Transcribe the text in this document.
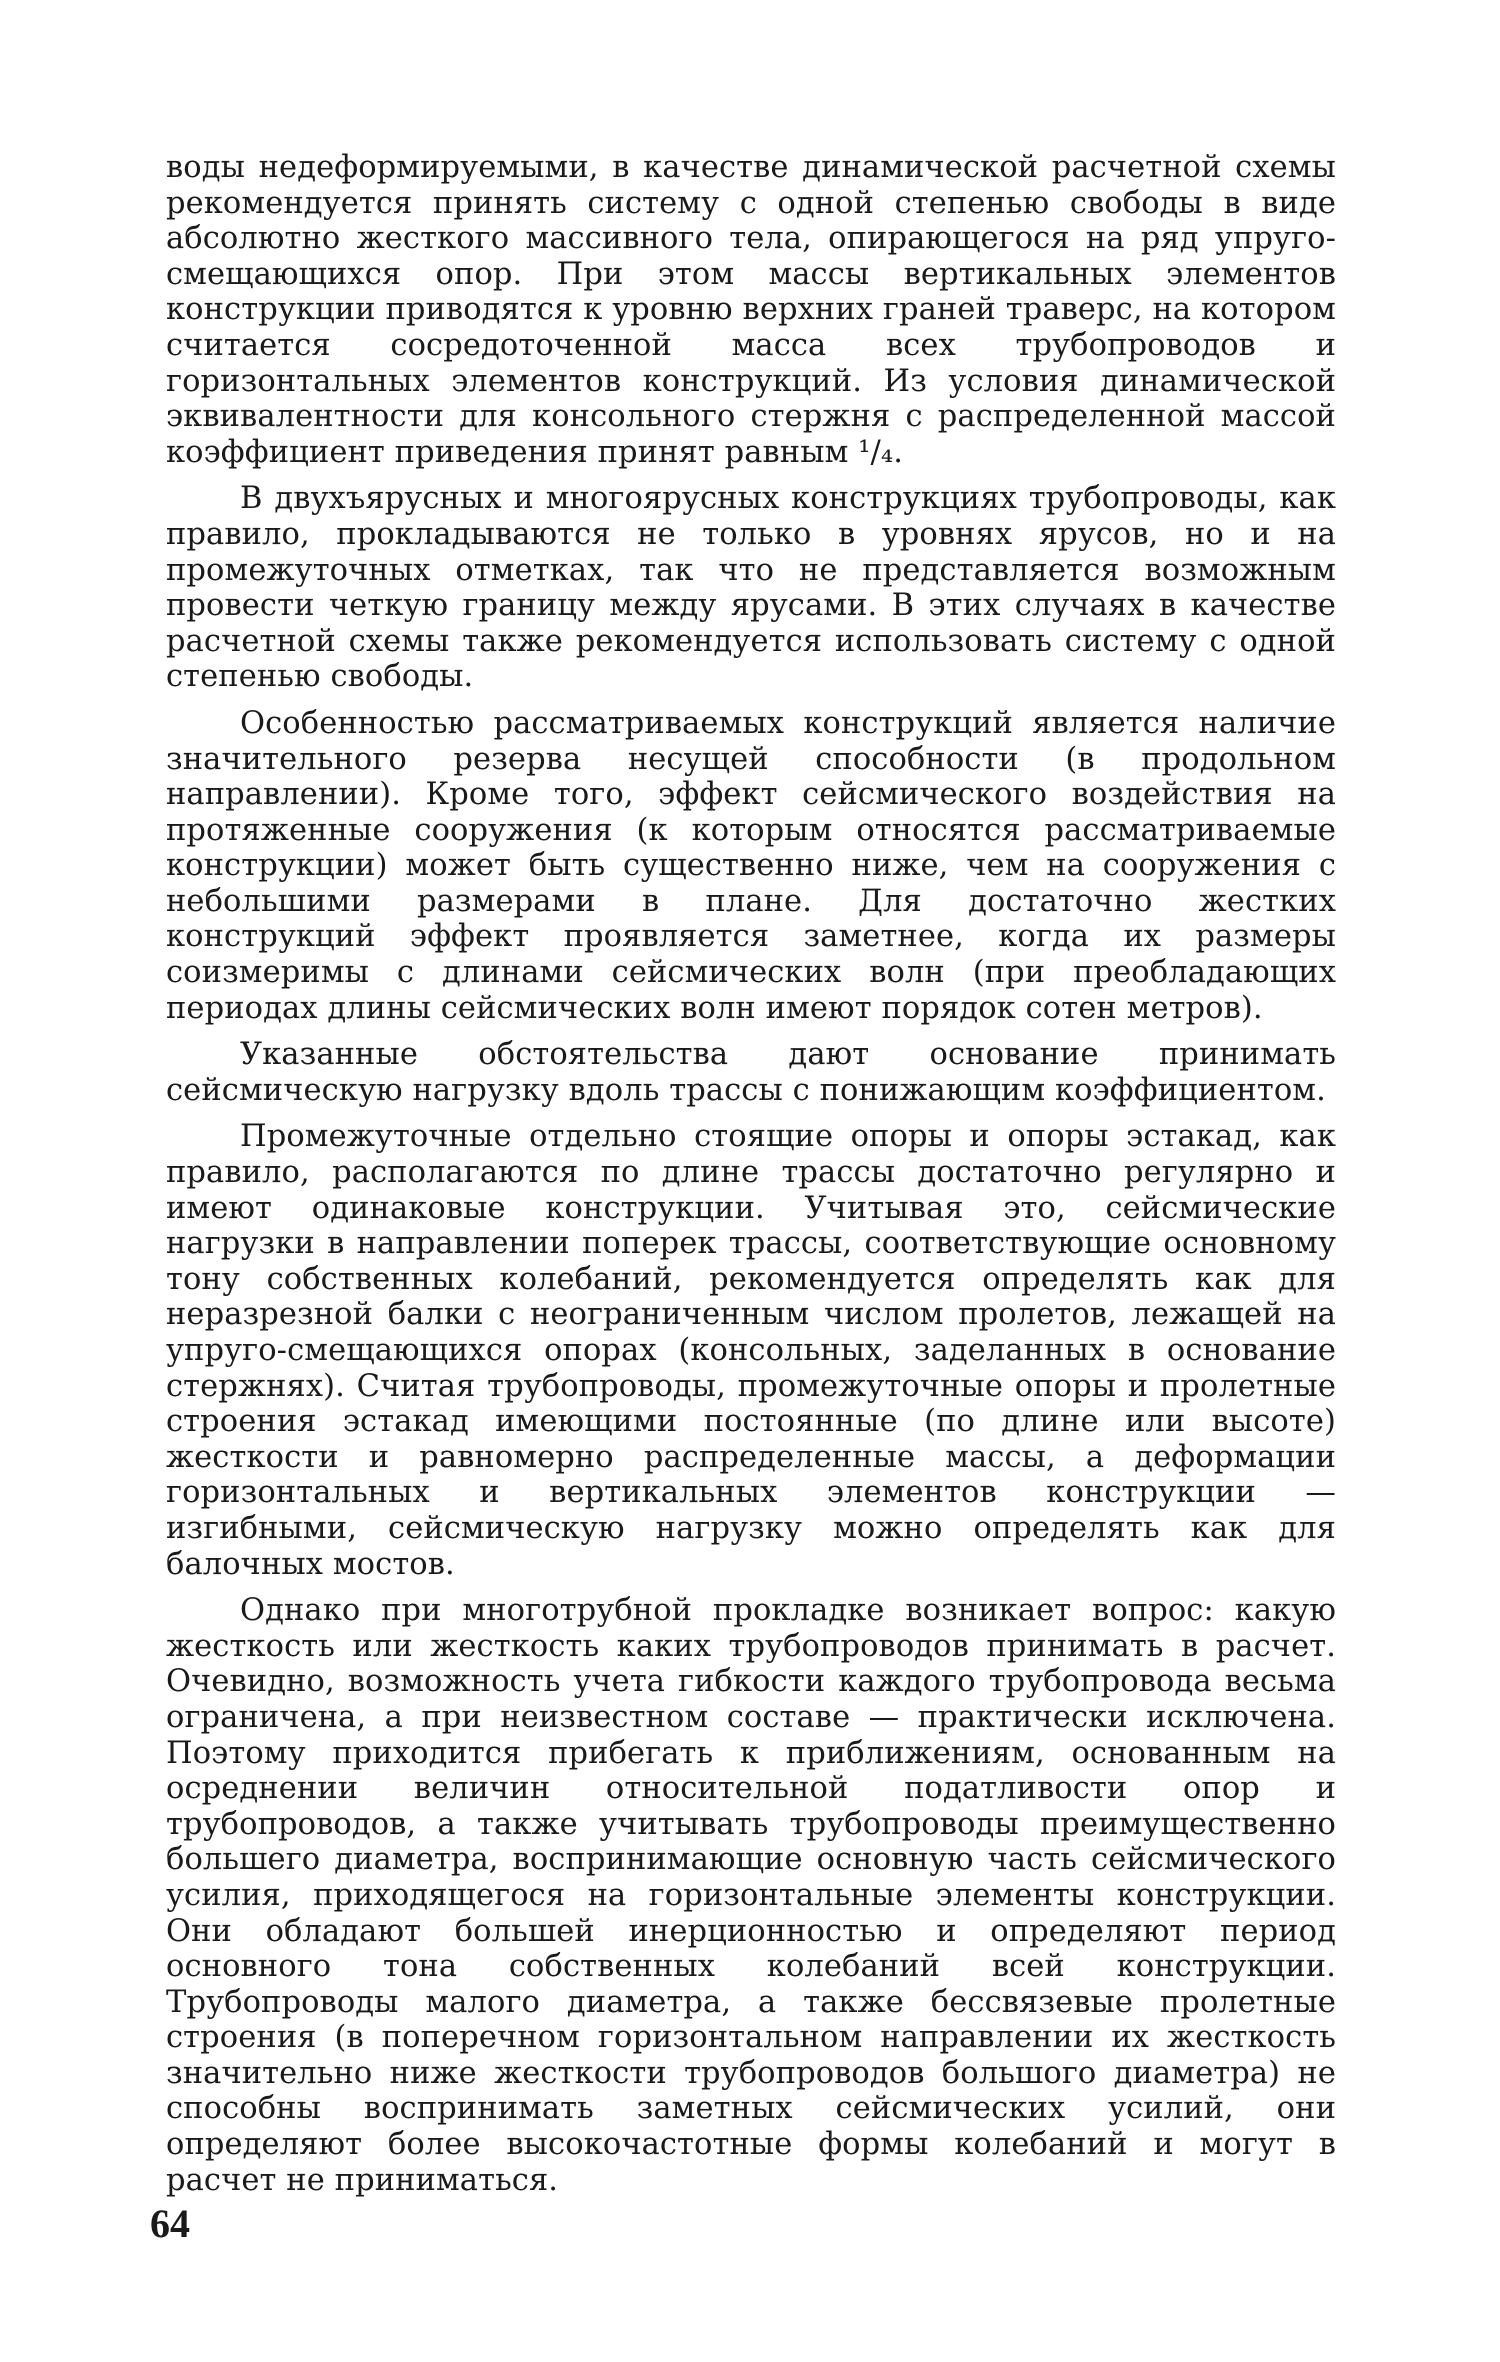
воды недеформируемыми, в качестве динамической расчетной схемы рекомендуется принять систему с одной степенью свободы в виде абсолютно жесткого массивного тела, опирающегося на ряд упруго-смещающихся опор. При этом массы вертикальных элементов конструкции приводятся к уровню верхних граней траверс, на котором считается сосредоточенной масса всех трубопроводов и горизонтальных элементов конструкций. Из условия динамической эквивалентности для консольного стержня с распределенной массой коэффициент приведения принят равным ¹/₄.

В двухъярусных и многоярусных конструкциях трубопроводы, как правило, прокладываются не только в уровнях ярусов, но и на промежуточных отметках, так что не представляется возможным провести четкую границу между ярусами. В этих случаях в качестве расчетной схемы также рекомендуется использовать систему с одной степенью свободы.

Особенностью рассматриваемых конструкций является наличие значительного резерва несущей способности (в продольном направлении). Кроме того, эффект сейсмического воздействия на протяженные сооружения (к которым относятся рассматриваемые конструкции) может быть существенно ниже, чем на сооружения с небольшими размерами в плане. Для достаточно жестких конструкций эффект проявляется заметнее, когда их размеры соизмеримы с длинами сейсмических волн (при преобладающих периодах длины сейсмических волн имеют порядок сотен метров).

Указанные обстоятельства дают основание принимать сейсмическую нагрузку вдоль трассы с понижающим коэффициентом.

Промежуточные отдельно стоящие опоры и опоры эстакад, как правило, располагаются по длине трассы достаточно регулярно и имеют одинаковые конструкции. Учитывая это, сейсмические нагрузки в направлении поперек трассы, соответствующие основному тону собственных колебаний, рекомендуется определять как для неразрезной балки с неограниченным числом пролетов, лежащей на упруго-смещающихся опорах (консольных, заделанных в основание стержнях). Считая трубопроводы, промежуточные опоры и пролетные строения эстакад имеющими постоянные (по длине или высоте) жесткости и равномерно распределенные массы, а деформации горизонтальных и вертикальных элементов конструкции — изгибными, сейсмическую нагрузку можно определять как для балочных мостов.

Однако при многотрубной прокладке возникает вопрос: какую жесткость или жесткость каких трубопроводов принимать в расчет. Очевидно, возможность учета гибкости каждого трубопровода весьма ограничена, а при неизвестном составе — практически исключена. Поэтому приходится прибегать к приближениям, основанным на осреднении величин относительной податливости опор и трубопроводов, а также учитывать трубопроводы преимущественно большего диаметра, воспринимающие основную часть сейсмического усилия, приходящегося на горизонтальные элементы конструкции. Они обладают большей инерционностью и определяют период основного тона собственных колебаний всей конструкции. Трубопроводы малого диаметра, а также бессвязевые пролетные строения (в поперечном горизонтальном направлении их жесткость значительно ниже жесткости трубопроводов большого диаметра) не способны воспринимать заметных сейсмических усилий, они определяют более высокочастотные формы колебаний и могут в расчет не приниматься.

64
